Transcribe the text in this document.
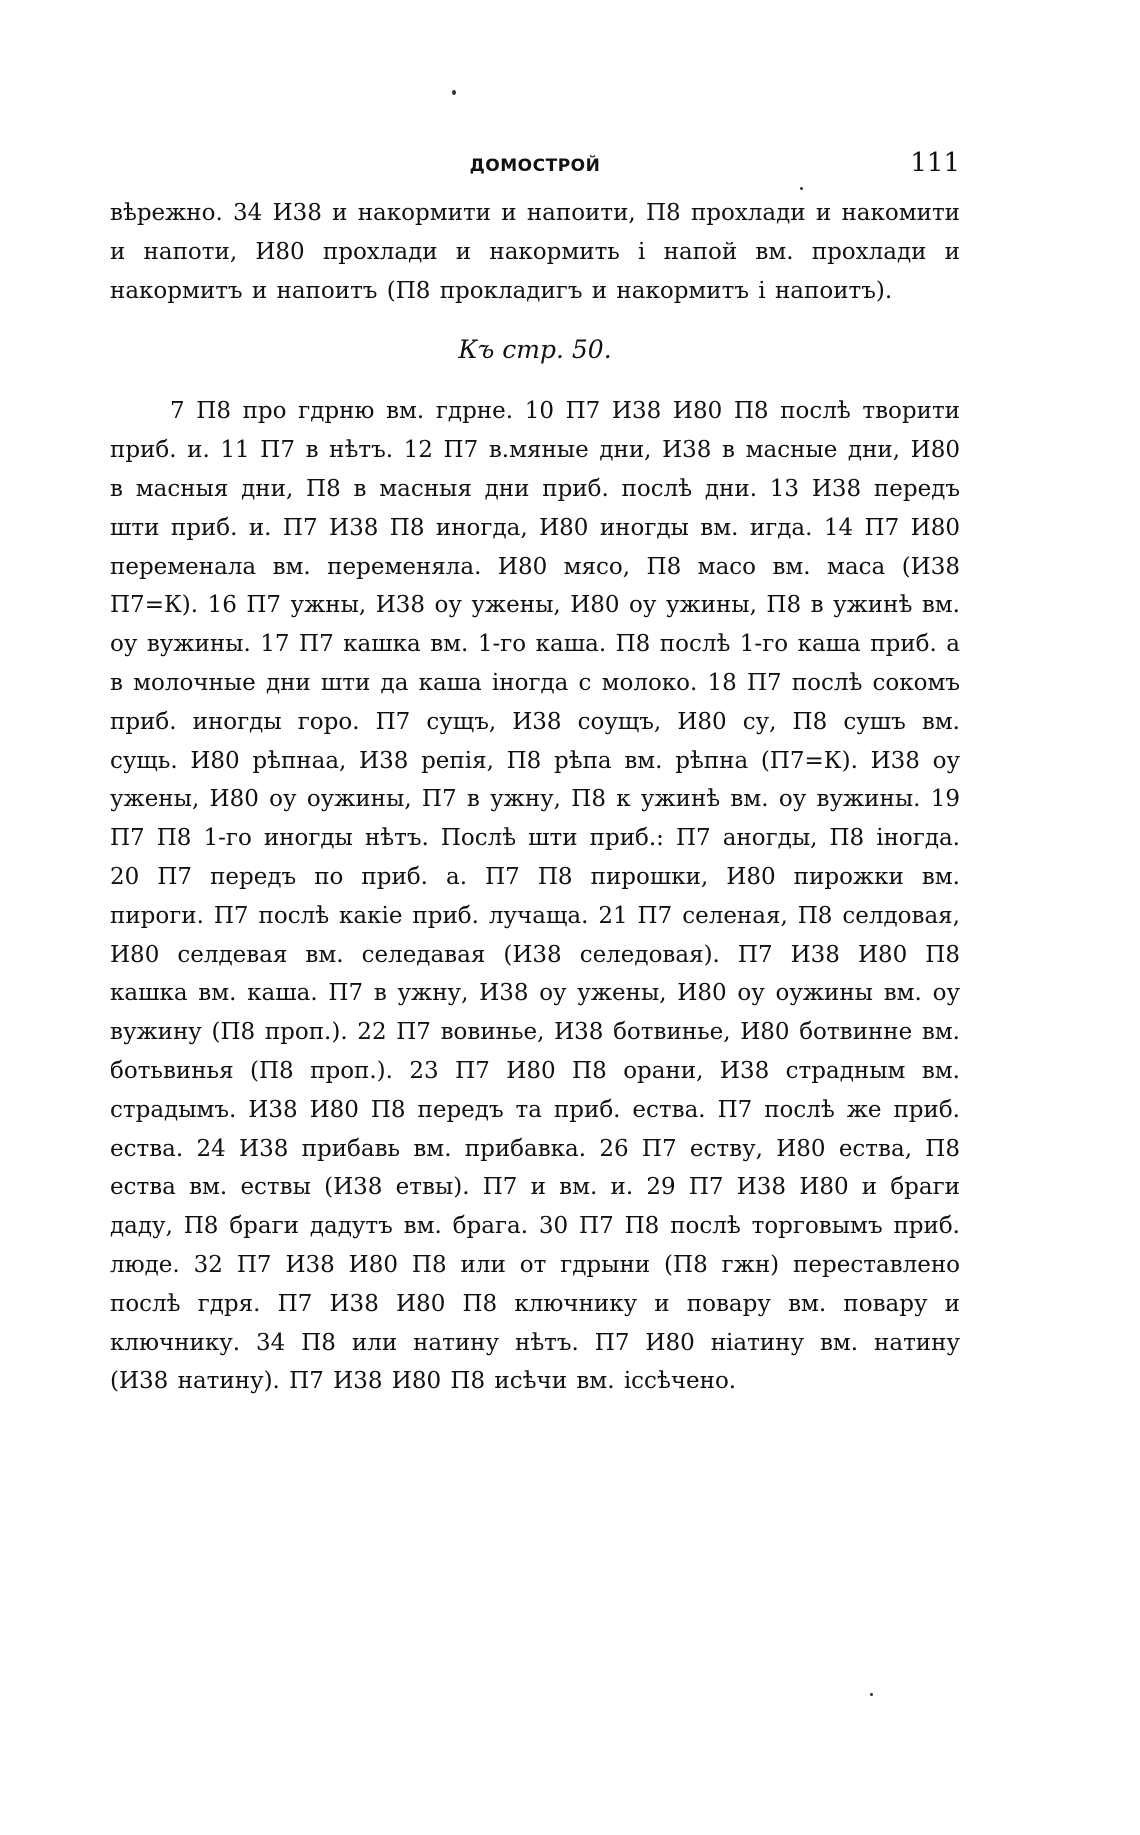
ДОМОСТРОЙ	111

вѣрежно. 34 И38 и накормити и напоити, П8 прохлади и накомити и напоти, И80 прохлади и накормить і напой вм. прохлади и накормитъ и напоитъ (П8 прокладигъ и накормитъ і напоитъ).

Къ стр. 50.

7 П8 про гдрню вм. гдрне. 10 П7 И38 И80 П8 послѣ творити приб. и. 11 П7 в нѣтъ. 12 П7 в.мяные дни, И38 в масные дни, И80 в масныя дни, П8 в масныя дни приб. послѣ дни. 13 И38 передъ шти приб. и. П7 И38 П8 иногда, И80 иногды вм. игда. 14 П7 И80 переменала вм. переменяла. И80 мясо, П8 масо вм. маса (И38 П7=К). 16 П7 ужны, И38 оу ужены, И80 оу ужины, П8 в ужинѣ вм. оу вужины. 17 П7 кашка вм. 1-го каша. П8 послѣ 1-го каша приб. а в молочные дни шти да каша іногда с молоко. 18 П7 послѣ сокомъ приб. иногды горо. П7 сущъ, И38 соущъ, И80 су, П8 сушъ вм. сущь. И80 рѣпнаа, И38 репія, П8 рѣпа вм. рѣпна (П7=К). И38 оу ужены, И80 оу оужины, П7 в ужну, П8 к ужинѣ вм. оу вужины. 19 П7 П8 1-го иногды нѣтъ. Послѣ шти приб.: П7 аногды, П8 іногда. 20 П7 передъ по приб. а. П7 П8 пирошки, И80 пирожки вм. пироги. П7 послѣ какіе приб. лучаща. 21 П7 селеная, П8 селдовая, И80 селдевая вм. селедавая (И38 селедовая). П7 И38 И80 П8 кашка вм. каша. П7 в ужну, И38 оу ужены, И80 оу оужины вм. оу вужину (П8 проп.). 22 П7 вовинье, И38 ботвинье, И80 ботвинне вм. ботьвинья (П8 проп.). 23 П7 И80 П8 орани, И38 страдным вм. страдымъ. И38 И80 П8 передъ та приб. ества. П7 послѣ же приб. ества. 24 И38 прибавь вм. прибавка. 26 П7 еству, И80 ества, П8 ества вм. ествы (И38 етвы). П7 и вм. и. 29 П7 И38 И80 и браги даду, П8 браги дадутъ вм. брага. 30 П7 П8 послѣ торговымъ приб. люде. 32 П7 И38 И80 П8 или от гдрыни (П8 гжн) переставлено послѣ гдря. П7 И38 И80 П8 ключнику и повару вм. повару и ключнику. 34 П8 или натину нѣтъ. П7 И80 ніатину вм. натину (И38 натину). П7 И38 И80 П8 исѣчи вм. іссѣчено.
